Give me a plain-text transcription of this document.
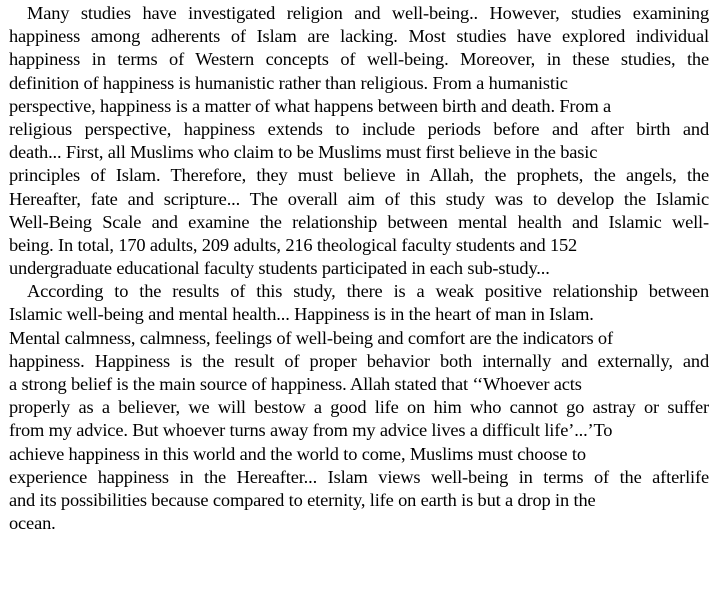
Many studies have investigated religion and well-being.. However, studies examining
happiness among adherents of Islam are lacking. Most studies have explored individual
happiness in terms of Western concepts of well-being. Moreover, in these studies, the
definition of happiness is humanistic rather than religious. From a humanistic
perspective, happiness is a matter of what happens between birth and death. From a
religious perspective, happiness extends to include periods before and after birth and
death... First, all Muslims who claim to be Muslims must first believe in the basic
principles of Islam. Therefore, they must believe in Allah, the prophets, the angels, the
Hereafter, fate and scripture... The overall aim of this study was to develop the Islamic
Well-Being Scale and examine the relationship between mental health and Islamic well-
being. In total, 170 adults, 209 adults, 216 theological faculty students and 152
undergraduate educational faculty students participated in each sub-study...
According to the results of this study, there is a weak positive relationship between
Islamic well-being and mental health... Happiness is in the heart of man in Islam.
Mental calmness, calmness, feelings of well-being and comfort are the indicators of
happiness. Happiness is the result of proper behavior both internally and externally, and
a strong belief is the main source of happiness. Allah stated that ‘‘Whoever acts
properly as a believer, we will bestow a good life on him who cannot go astray or suffer
from my advice. But whoever turns away from my advice lives a difficult life’...’To
achieve happiness in this world and the world to come, Muslims must choose to
experience happiness in the Hereafter... Islam views well-being in terms of the afterlife
and its possibilities because compared to eternity, life on earth is but a drop in the
ocean.
